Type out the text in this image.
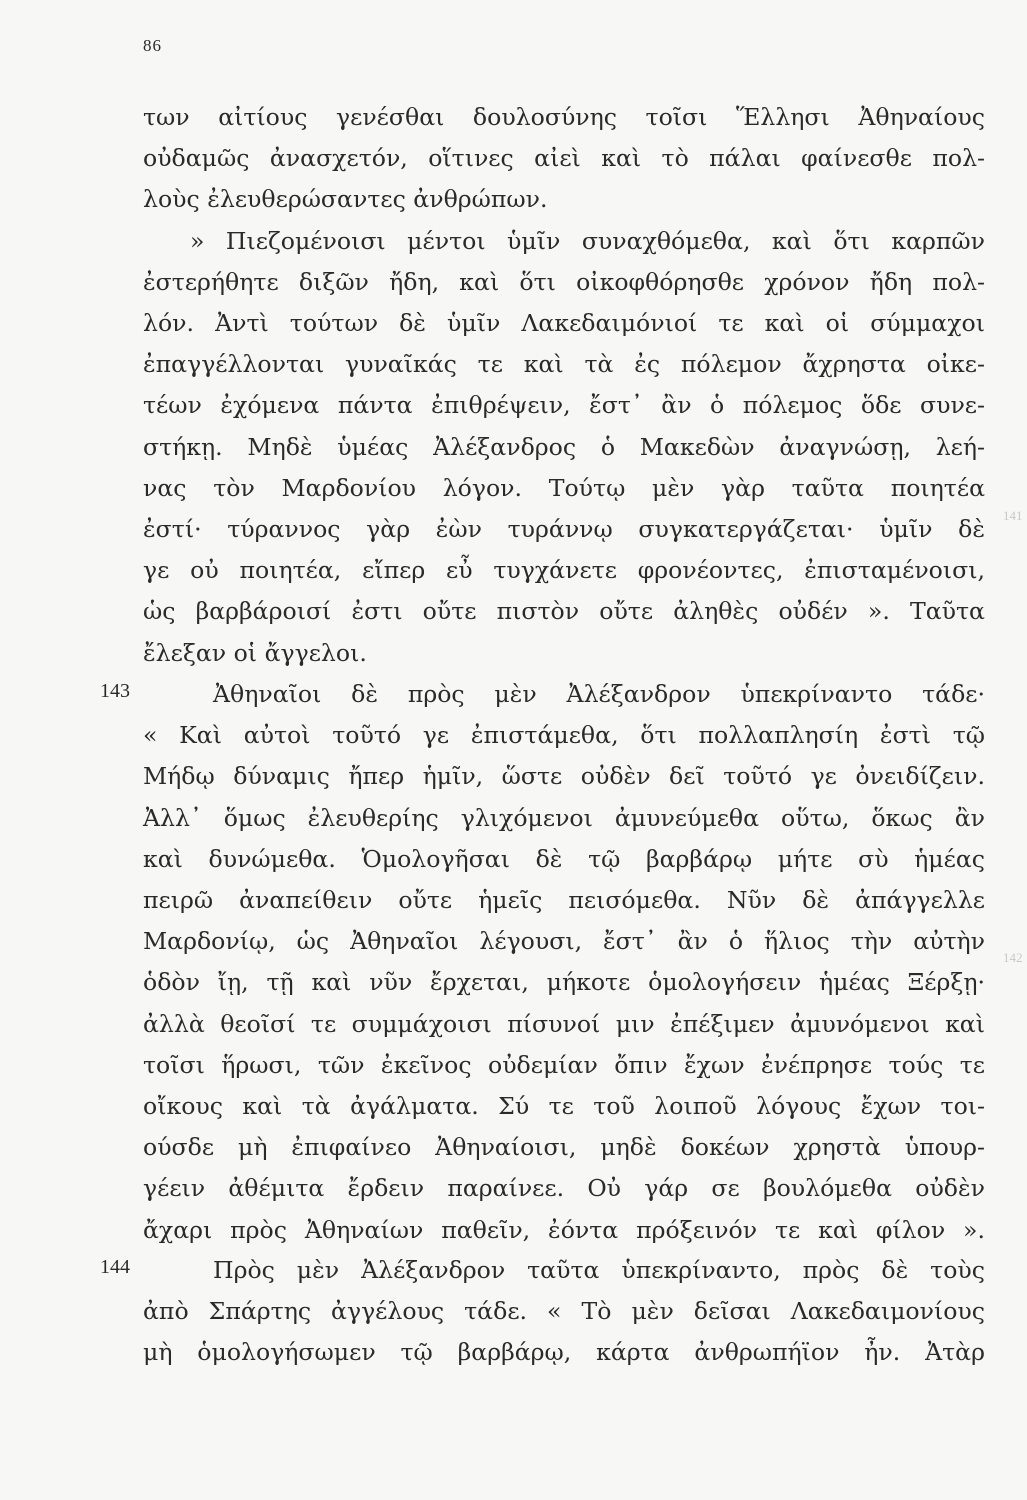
86
των αἰτίους γενέσθαι δουλοσύνης τοῖσι Ἕλλησι Ἀθηναίους
οὐδαμῶς ἀνασχετόν, οἵτινες αἰεὶ καὶ τὸ πάλαι φαίνεσθε πολ-
λοὺς ἐλευθερώσαντες ἀνθρώπων.
» Πιεζομένοισι μέντοι ὑμῖν συναχθόμεθα, καὶ ὅτι καρπῶν
ἐστερήθητε διξῶν ἤδη, καὶ ὅτι οἰκοφθόρησθε χρόνον ἤδη πολ-
λόν. Ἀντὶ τούτων δὲ ὑμῖν Λακεδαιμόνιοί τε καὶ οἱ σύμμαχοι
ἐπαγγέλλονται γυναῖκάς τε καὶ τὰ ἐς πόλεμον ἄχρηστα οἰκε-
τέων ἐχόμενα πάντα ἐπιθρέψειν, ἔστ᾽ ἂν ὁ πόλεμος ὅδε συνε-
στήκῃ. Μηδὲ ὑμέας Ἀλέξανδρος ὁ Μακεδὼν ἀναγνώσῃ, λεή-
νας τὸν Μαρδονίου λόγον. Τούτῳ μὲν γὰρ ταῦτα ποιητέα
ἐστί· τύραννος γὰρ ἐὼν τυράννῳ συγκατεργάζεται· ὑμῖν δὲ
γε οὐ ποιητέα, εἴπερ εὖ τυγχάνετε φρονέοντες, ἐπισταμένοισι,
ὡς βαρβάροισί ἐστι οὔτε πιστὸν οὔτε ἀληθὲς οὐδέν ». Ταῦτα
ἔλεξαν οἱ ἄγγελοι.
143	Ἀθηναῖοι δὲ πρὸς μὲν Ἀλέξανδρον ὑπεκρίναντο τάδε·
« Καὶ αὐτοὶ τοῦτό γε ἐπιστάμεθα, ὅτι πολλαπλησίη ἐστὶ τῷ
Μήδῳ δύναμις ἤπερ ἡμῖν, ὥστε οὐδὲν δεῖ τοῦτό γε ὀνειδίζειν.
Ἀλλ᾽ ὅμως ἐλευθερίης γλιχόμενοι ἀμυνεύμεθα οὕτω, ὅκως ἂν
καὶ δυνώμεθα. Ὁμολογῆσαι δὲ τῷ βαρβάρῳ μήτε σὺ ἡμέας
πειρῶ ἀναπείθειν οὔτε ἡμεῖς πεισόμεθα. Νῦν δὲ ἀπάγγελλε
Μαρδονίῳ, ὡς Ἀθηναῖοι λέγουσι, ἔστ᾽ ἂν ὁ ἥλιος τὴν αὐτὴν
ὁδὸν ἴῃ, τῇ καὶ νῦν ἔρχεται, μήκοτε ὁμολογήσειν ἡμέας Ξέρξῃ·
ἀλλὰ θεοῖσί τε συμμάχοισι πίσυνοί μιν ἐπέξιμεν ἀμυνόμενοι καὶ
τοῖσι ἥρωσι, τῶν ἐκεῖνος οὐδεμίαν ὄπιν ἔχων ἐνέπρησε τούς τε
οἴκους καὶ τὰ ἀγάλματα. Σύ τε τοῦ λοιποῦ λόγους ἔχων τοι-
ούσδε μὴ ἐπιφαίνεο Ἀθηναίοισι, μηδὲ δοκέων χρηστὰ ὑπουρ-
γέειν ἀθέμιτα ἔρδειν παραίνεε. Οὐ γάρ σε βουλόμεθα οὐδὲν
ἄχαρι πρὸς Ἀθηναίων παθεῖν, ἐόντα πρόξεινόν τε καὶ φίλον ».
144	Πρὸς μὲν Ἀλέξανδρον ταῦτα ὑπεκρίναντο, πρὸς δὲ τοὺς
ἀπὸ Σπάρτης ἀγγέλους τάδε. « Τὸ μὲν δεῖσαι Λακεδαιμονίους
μὴ ὁμολογήσωμεν τῷ βαρβάρῳ, κάρτα ἀνθρωπήϊον ἦν. Ἀτὰρ
141
142
